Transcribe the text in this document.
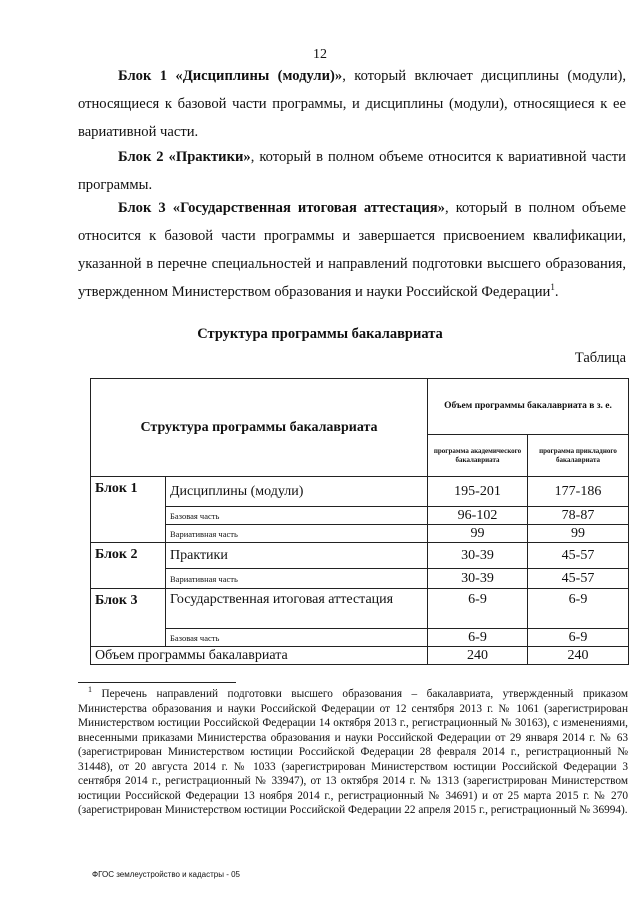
12
Блок 1 «Дисциплины (модули)», который включает дисциплины (модули), относящиеся к базовой части программы, и дисциплины (модули), относящиеся к ее вариативной части.
Блок 2 «Практики», который в полном объеме относится к вариативной части программы.
Блок 3 «Государственная итоговая аттестация», который в полном объеме относится к базовой части программы и завершается присвоением квалификации, указанной в перечне специальностей и направлений подготовки высшего образования, утвержденном Министерством образования и науки Российской Федерации$^1$.
Структура программы бакалавриата
Таблица
Структура программы бакалавриата		Объем программы бакалавриата в з. е.	
		программа академического бакалавриата	программа прикладного бакалавриата
Блок 1	Дисциплины (модули)	195-201	177-186
	Базовая часть	96-102	78-87
	Вариативная часть	99	99
Блок 2	Практики	30-39	45-57
	Вариативная часть	30-39	45-57
Блок 3	Государственная итоговая аттестация	6-9	6-9
	Базовая часть	6-9	6-9
Объем программы бакалавриата		240	240
$^1$ Перечень направлений подготовки высшего образования – бакалавриата, утвержденный приказом Министерства образования и науки Российской Федерации от 12 сентября 2013 г. № 1061 (зарегистрирован Министерством юстиции Российской Федерации 14 октября 2013 г., регистрационный № 30163), с изменениями, внесенными приказами Министерства образования и науки Российской Федерации от 29 января 2014 г. № 63 (зарегистрирован Министерством юстиции Российской Федерации 28 февраля 2014 г., регистрационный № 31448), от 20 августа 2014 г. № 1033 (зарегистрирован Министерством юстиции Российской Федерации 3 сентября 2014 г., регистрационный № 33947), от 13 октября 2014 г. № 1313 (зарегистрирован Министерством юстиции Российской Федерации 13 ноября 2014 г., регистрационный № 34691) и от 25 марта 2015 г. № 270 (зарегистрирован Министерством юстиции Российской Федерации 22 апреля 2015 г., регистрационный № 36994).
ФГОС землеустройство и кадастры - 05
